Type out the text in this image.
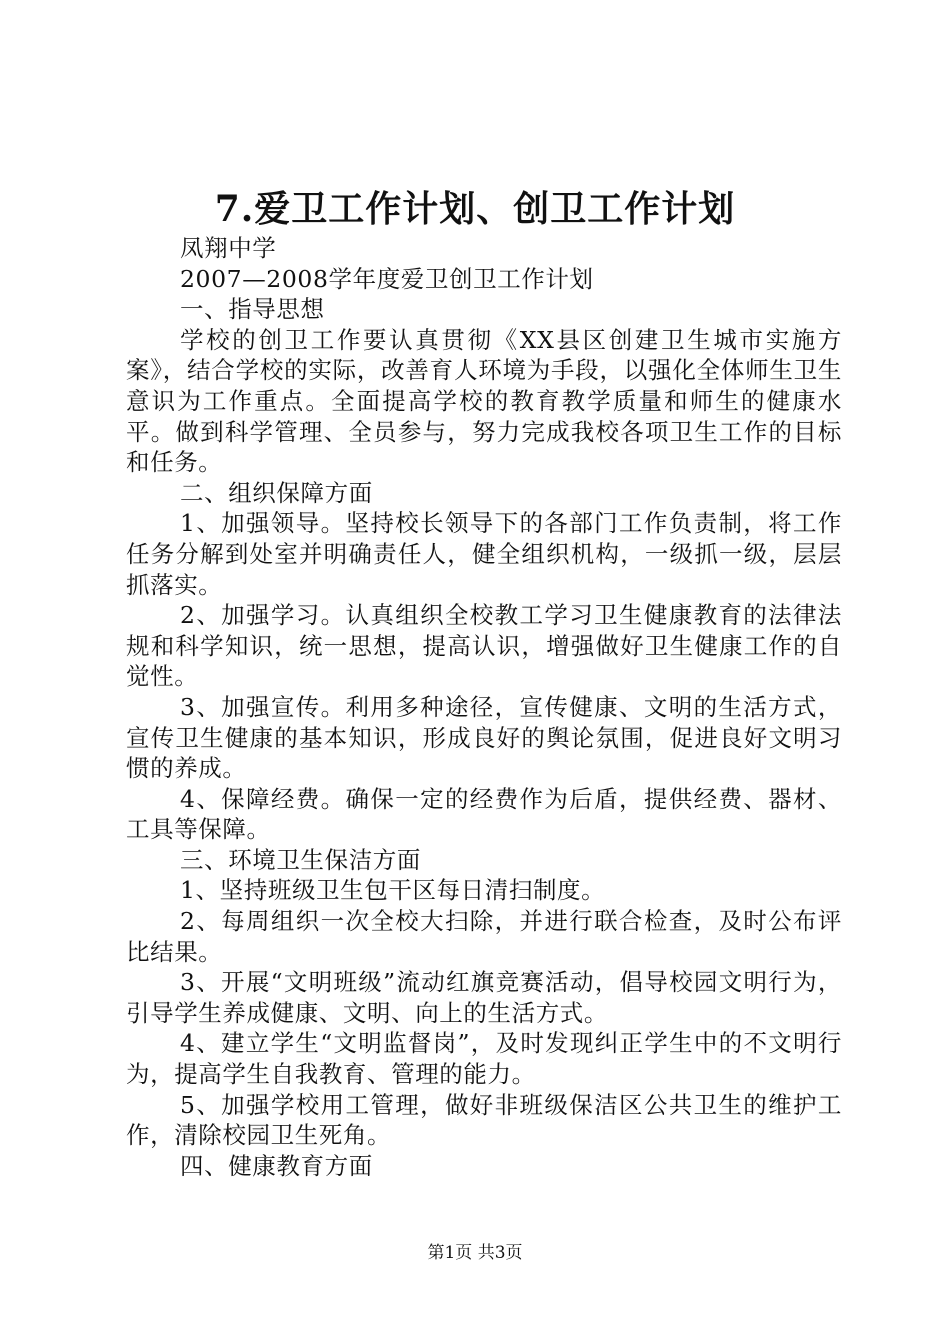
7.爱卫工作计划、创卫工作计划

凤翔中学

2007—2008学年度爱卫创卫工作计划

一、指导思想

学校的创卫工作要认真贯彻《XX县区创建卫生城市实施方案》，结合学校的实际，改善育人环境为手段，以强化全体师生卫生意识为工作重点。全面提高学校的教育教学质量和师生的健康水平。做到科学管理、全员参与，努力完成我校各项卫生工作的目标和任务。

二、组织保障方面

1、加强领导。坚持校长领导下的各部门工作负责制，将工作任务分解到处室并明确责任人，健全组织机构，一级抓一级，层层抓落实。

2、加强学习。认真组织全校教工学习卫生健康教育的法律法规和科学知识，统一思想，提高认识，增强做好卫生健康工作的自觉性。

3、加强宣传。利用多种途径，宣传健康、文明的生活方式，宣传卫生健康的基本知识，形成良好的舆论氛围，促进良好文明习惯的养成。

4、保障经费。确保一定的经费作为后盾，提供经费、器材、工具等保障。

三、环境卫生保洁方面

1、坚持班级卫生包干区每日清扫制度。

2、每周组织一次全校大扫除，并进行联合检查，及时公布评比结果。

3、开展“文明班级”流动红旗竞赛活动，倡导校园文明行为，引导学生养成健康、文明、向上的生活方式。

4、建立学生“文明监督岗”，及时发现纠正学生中的不文明行为，提高学生自我教育、管理的能力。

5、加强学校用工管理，做好非班级保洁区公共卫生的维护工作，清除校园卫生死角。

四、健康教育方面

第1页 共3页
